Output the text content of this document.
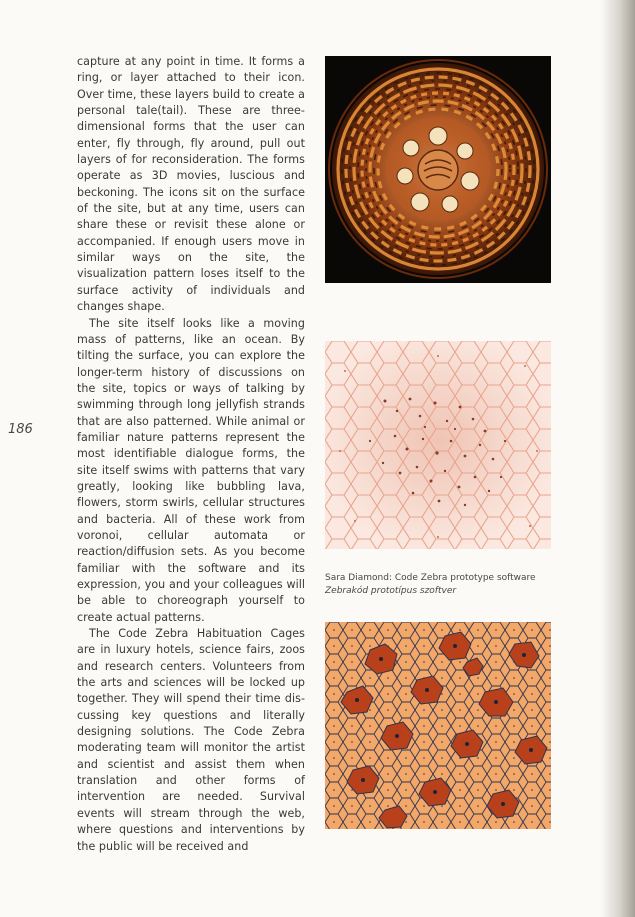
186

capture at any point in time. It forms a ring, or layer attached to their icon. Over time, these layers build to create a personal tale(tail). These are three-dimensional forms that the user can enter, fly through, fly around, pull out layers of for reconsideration. The forms operate as 3D movies, luscious and beckoning. The icons sit on the surface of the site, but at any time, users can share these or revisit these alone or accompanied. If enough users move in similar ways on the site, the visualization pattern loses itself to the surface activity of individuals and changes shape.

The site itself looks like a moving mass of patterns, like an ocean. By tilting the surface, you can explore the longer-term history of discussions on the site, topics or ways of talking by swimming through long jellyfish strands that are also patterned. While animal or familiar nature patterns represent the most identifiable dialogue forms, the site itself swims with patterns that vary greatly, looking like bubbling lava, flowers, storm swirls, cellular structures and bacteria. All of these work from voronoi, cellular automata or reaction/diffusion sets. As you become familiar with the software and its expression, you and your colleagues will be able to choreograph yourself to create actual patterns.

The Code Zebra Habituation Cages are in luxury hotels, science fairs, zoos and research centers. Volunteers from the arts and sciences will be locked up together. They will spend their time discussing key questions and literally designing solutions. The Code Zebra moderating team will monitor the artist and scientist and assist them when translation and other forms of intervention are needed. Survival events will stream through the web, where questions and interventions by the public will be received and

Sara Diamond: Code Zebra prototype software
Zebrakód prototípus szoftver
